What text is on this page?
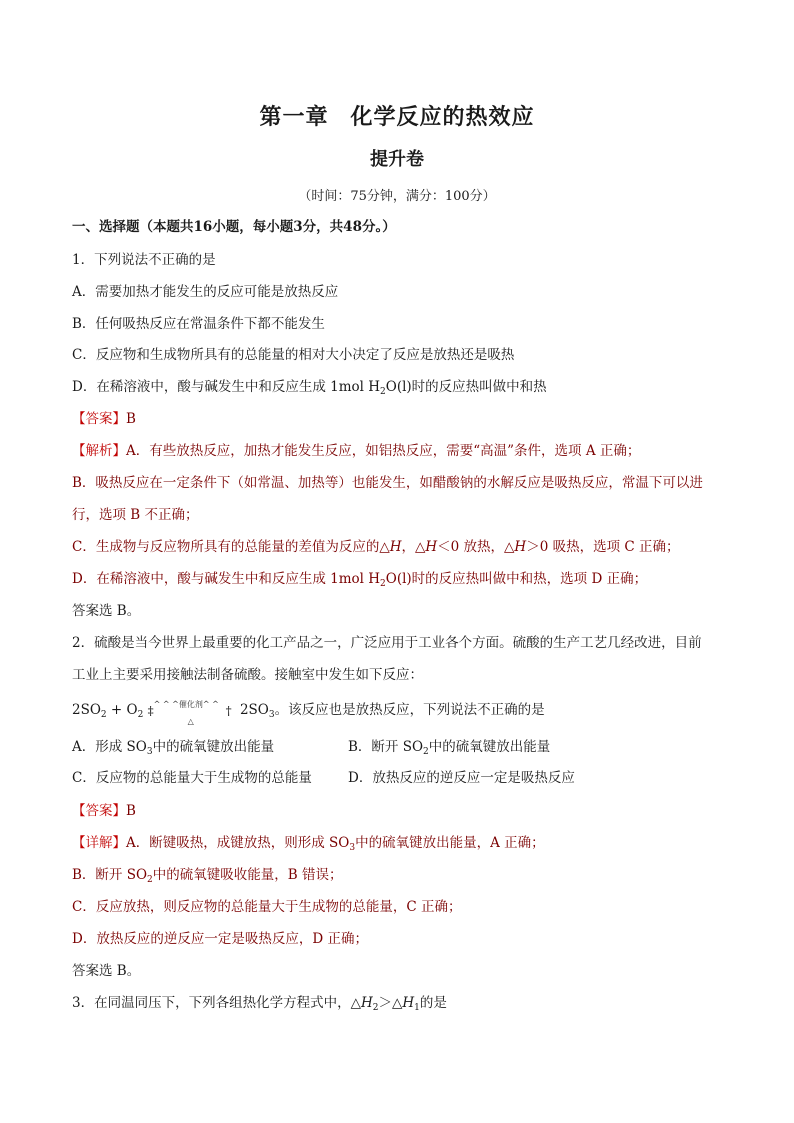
第一章 化学反应的热效应
提升卷
（时间：75分钟，满分：100分）
一、选择题（本题共16小题，每小题3分，共48分。）
1．下列说法不正确的是
A．需要加热才能发生的反应可能是放热反应
B．任何吸热反应在常温条件下都不能发生
C．反应物和生成物所具有的总能量的相对大小决定了反应是放热还是吸热
D．在稀溶液中，酸与碱发生中和反应生成 1mol $H_2O(l)$时的反应热叫做中和热
【答案】B
【解析】A．有些放热反应，加热才能发生反应，如铝热反应，需要“高温”条件，选项 A 正确；
B．吸热反应在一定条件下（如常温、加热等）也能发生，如醋酸钠的水解反应是吸热反应，常温下可以进
行，选项 B 不正确；
C．生成物与反应物所具有的总能量的差值为反应的△H，△H＜0 放热，△H＞0 吸热，选项 C 正确；
D．在稀溶液中，酸与碱发生中和反应生成 1mol $H_2O(l)$时的反应热叫做中和热，选项 D 正确；
答案选 B。
2．硫酸是当今世界上最重要的化工产品之一，广泛应用于工业各个方面。硫酸的生产工艺几经改进，目前
工业上主要采用接触法制备硫酸。接触室中发生如下反应：
$2SO_2 + O_2$
^ ^ ^催化剂^ ^
‡	†
△
$2SO_3$。该反应也是放热反应，下列说法不正确的是
A．形成 $SO_3$中的硫氧键放出能量	B．断开 $SO_2$中的硫氧键放出能量
C．反应物的总能量大于生成物的总能量	D．放热反应的逆反应一定是吸热反应
【答案】B
【详解】A．断键吸热，成键放热，则形成 $SO_3$中的硫氧键放出能量，A 正确；
B．断开 $SO_2$中的硫氧键吸收能量，B 错误；
C．反应放热，则反应物的总能量大于生成物的总能量，C 正确；
D．放热反应的逆反应一定是吸热反应，D 正确；
答案选 B。
3．在同温同压下，下列各组热化学方程式中，$\triangle H_2>\triangle H_1$的是
